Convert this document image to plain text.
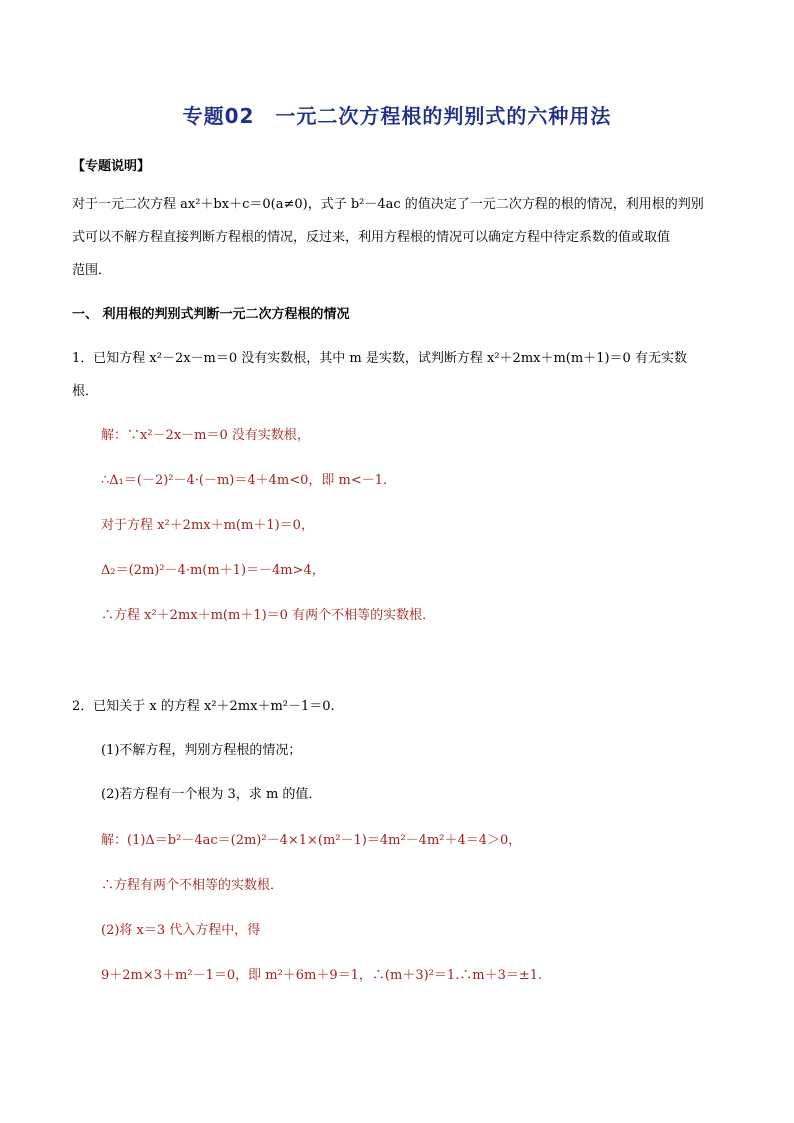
专题02　一元二次方程根的判别式的六种用法
【专题说明】
对于一元二次方程 ax²＋bx＋c＝0(a≠0)，式子 b²－4ac 的值决定了一元二次方程的根的情况，利用根的判别
式可以不解方程直接判断方程根的情况，反过来，利用方程根的情况可以确定方程中待定系数的值或取值
范围．
一、 利用根的判别式判断一元二次方程根的情况
1．已知方程 x²－2x－m＝0 没有实数根，其中 m 是实数，试判断方程 x²＋2mx＋m(m＋1)＝0 有无实数
根．
解：∵x²－2x－m＝0 没有实数根，
∴Δ₁＝(－2)²－4·(－m)＝4＋4m<0，即 m<－1.
对于方程 x²＋2mx＋m(m＋1)＝0，
Δ₂＝(2m)²－4·m(m＋1)＝－4m>4，
∴方程 x²＋2mx＋m(m＋1)＝0 有两个不相等的实数根．
2．已知关于 x 的方程 x²＋2mx＋m²－1＝0.
(1)不解方程，判别方程根的情况；
(2)若方程有一个根为 3，求 m 的值．
解：(1)Δ＝b²－4ac＝(2m)²－4×1×(m²－1)＝4m²－4m²＋4＝4＞0，
∴方程有两个不相等的实数根．
(2)将 x＝3 代入方程中，得
9＋2m×3＋m²－1＝0，即 m²＋6m＋9＝1，∴(m＋3)²＝1.∴m＋3＝±1.
